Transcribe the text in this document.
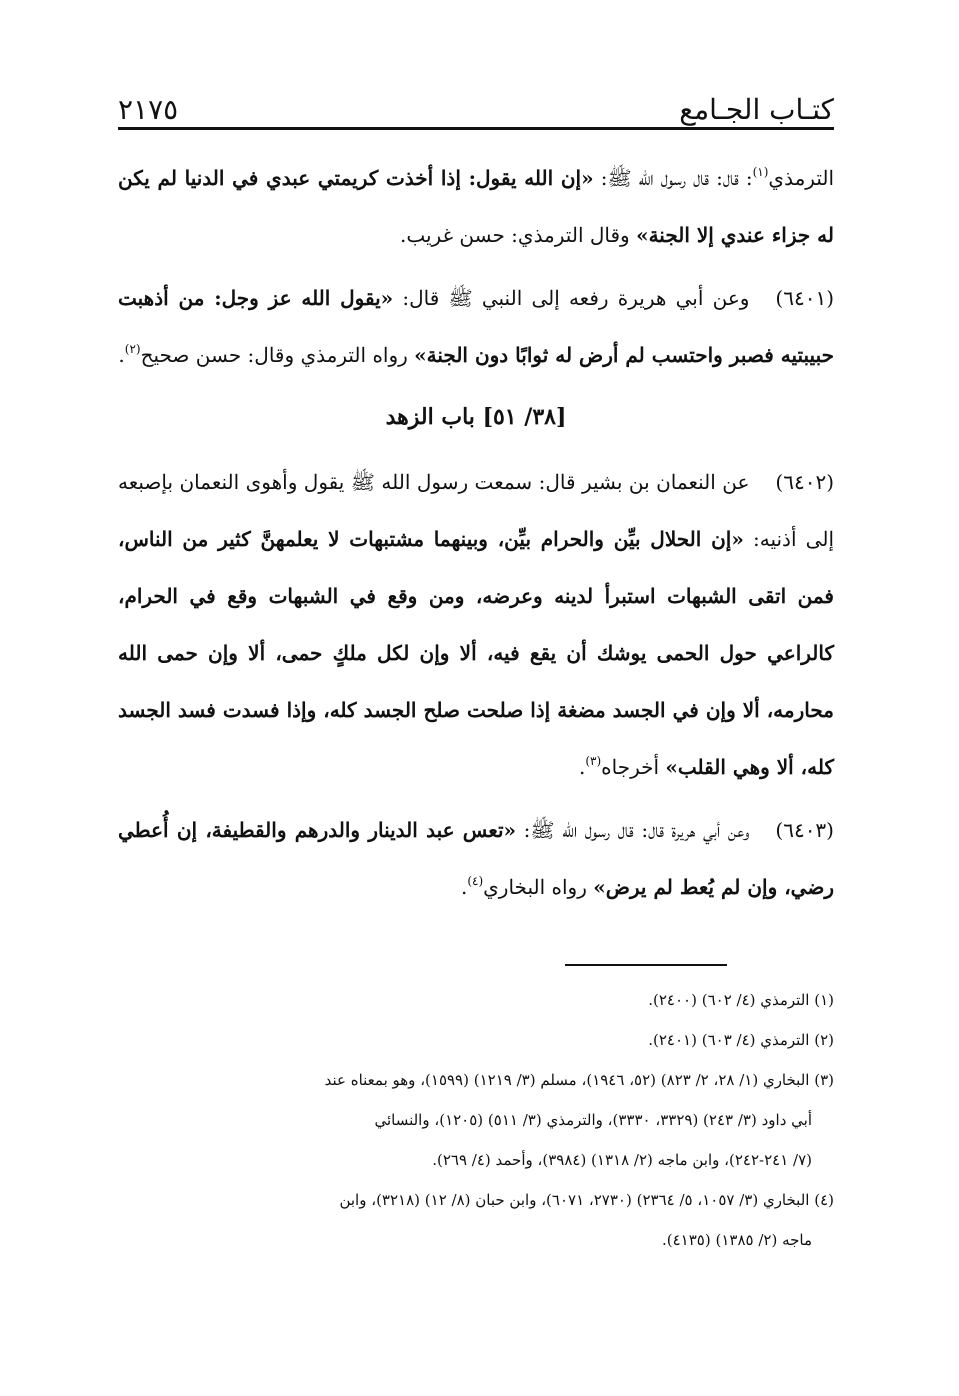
كتـاب الجـامع
٢١٧٥

الترمذي$^{(١)}$: قال: قال رسول الله ﷺ: «إن الله يقول: إذا أخذت كريمتي عبدي في الدنيا لم يكن له جزاء عندي إلا الجنة» وقال الترمذي: حسن غريب.

(٦٤٠١)وعن أبي هريرة رفعه إلى النبي ﷺ قال: «يقول الله عز وجل: من أذهبت حبيبتيه فصبر واحتسب لم أرض له ثوابًا دون الجنة» رواه الترمذي وقال: حسن صحيح$^{(٢)}$.

[٣٨/ ٥١] باب الزهد

(٦٤٠٢)عن النعمان بن بشير قال: سمعت رسول الله ﷺ يقول وأهوى النعمان بإصبعه إلى أذنيه: «إن الحلال بيِّن والحرام بيِّن، وبينهما مشتبهات لا يعلمهنَّ كثير من الناس، فمن اتقى الشبهات استبرأ لدينه وعرضه، ومن وقع في الشبهات وقع في الحرام، كالراعي حول الحمى يوشك أن يقع فيه، ألا وإن لكل ملكٍ حمى، ألا وإن حمى الله محارمه، ألا وإن في الجسد مضغة إذا صلحت صلح الجسد كله، وإذا فسدت فسد الجسد كله، ألا وهي القلب» أخرجاه$^{(٣)}$.

(٦٤٠٣)وعن أبي هريرة قال: قال رسول الله ﷺ: «تعس عبد الدينار والدرهم والقطيفة، إن أُعطي رضي، وإن لم يُعط لم يرض» رواه البخاري$^{(٤)}$.

(١) الترمذي (٤/ ٦٠٢) (٢٤٠٠).

(٢) الترمذي (٤/ ٦٠٣) (٢٤٠١).

(٣) البخاري (١/ ٢٨، ٢/ ٨٢٣) (٥٢، ١٩٤٦)، مسلم (٣/ ١٢١٩) (١٥٩٩)، وهو بمعناه عند
أبي داود (٣/ ٢٤٣) (٣٣٢٩، ٣٣٣٠)، والترمذي (٣/ ٥١١) (١٢٠٥)، والنسائي
(٧/ ٢٤١-٢٤٢)، وابن ماجه (٢/ ١٣١٨) (٣٩٨٤)، وأحمد (٤/ ٢٦٩).

(٤) البخاري (٣/ ١٠٥٧، ٥/ ٢٣٦٤) (٢٧٣٠، ٦٠٧١)، وابن حبان (٨/ ١٢) (٣٢١٨)، وابن
ماجه (٢/ ١٣٨٥) (٤١٣٥).
